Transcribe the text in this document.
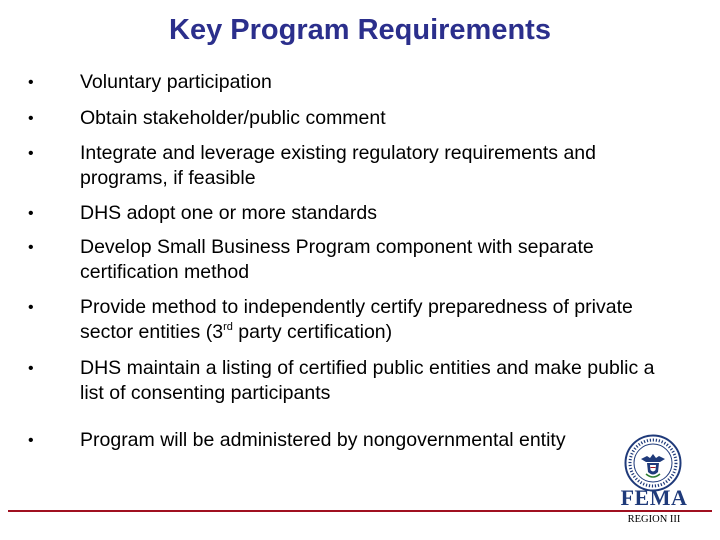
Key Program Requirements
• Voluntary participation
• Obtain stakeholder/public comment
• Integrate and leverage existing regulatory requirements and programs, if feasible
• DHS adopt one or more standards
• Develop Small Business Program component with separate certification method
• Provide method to independently certify preparedness of private sector entities (3rd party certification)
• DHS maintain a listing of certified public entities and make public a list of consenting participants
• Program will be administered by nongovernmental entity
FEMA
REGION III
